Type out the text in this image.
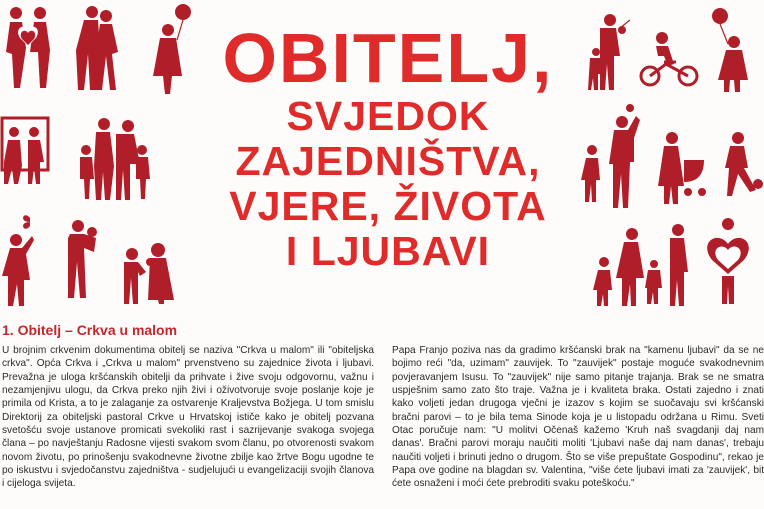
OBITELJ,
SVJEDOK
ZAJEDNIŠTVA,
VJERE, ŽIVOTA
I LJUBAVI
1. Obitelj – Crkva u malom

U brojnim crkvenim dokumentima obitelj se naziva "Crkva u malom" ili "obiteljska crkva". Opća Crkva i „Crkva u malom" prvenstveno su zajednice života i ljubavi. Prevažna je uloga kršćanskih obitelji da prihvate i žive svoju odgovornu, važnu i nezamjenjivu ulogu, da Crkva preko njih živi i oživotvoruje svoje poslanje koje je primila od Krista, a to je zalaganje za ostvarenje Kraljevstva Božjega. U tom smislu Direktorij za obiteljski pastoral Crkve u Hrvatskoj ističe kako je obitelj pozvana svetošću svoje ustanove promicati svekoliki rast i sazrijevanje svakoga svojega člana – po navještanju Radosne vijesti svakom svom članu, po otvorenosti svakom novom životu, po prinošenju svakodnevne životne zbilje kao žrtve Bogu ugodne te po iskustvu i svjedočanstvu zajedništva - sudjelujući u evangelizaciji svojih članova i cijeloga svijeta.

Papa Franjo poziva nas da gradimo kršćanski brak na "kamenu ljubavi" da se ne bojimo reći "da, uzimam" zauvijek. To "zauvijek" postaje moguće svakodnevnim povjeravanjem Isusu. To "zauvijek" nije samo pitanje trajanja. Brak se ne smatra uspješnim samo zato što traje. Važna je i kvaliteta braka. Ostati zajedno i znati kako voljeti jedan drugoga vječni je izazov s kojim se suočavaju svi kršćanski bračni parovi – to je bila tema Sinode koja je u listopadu održana u Rimu. Sveti Otac poručuje nam: "U molitvi Očenaš kažemo 'Kruh naš svagdanji daj nam danas'. Bračni parovi moraju naučiti moliti 'Ljubavi naše daj nam danas', trebaju naučiti voljeti i brinuti jedno o drugom. Što se više prepuštate Gospodinu", rekao je Papa ove godine na blagdan sv. Valentina, "više ćete ljubavi imati za 'zauvijek', bit ćete osnaženi i moći ćete prebroditi svaku poteškoću."
